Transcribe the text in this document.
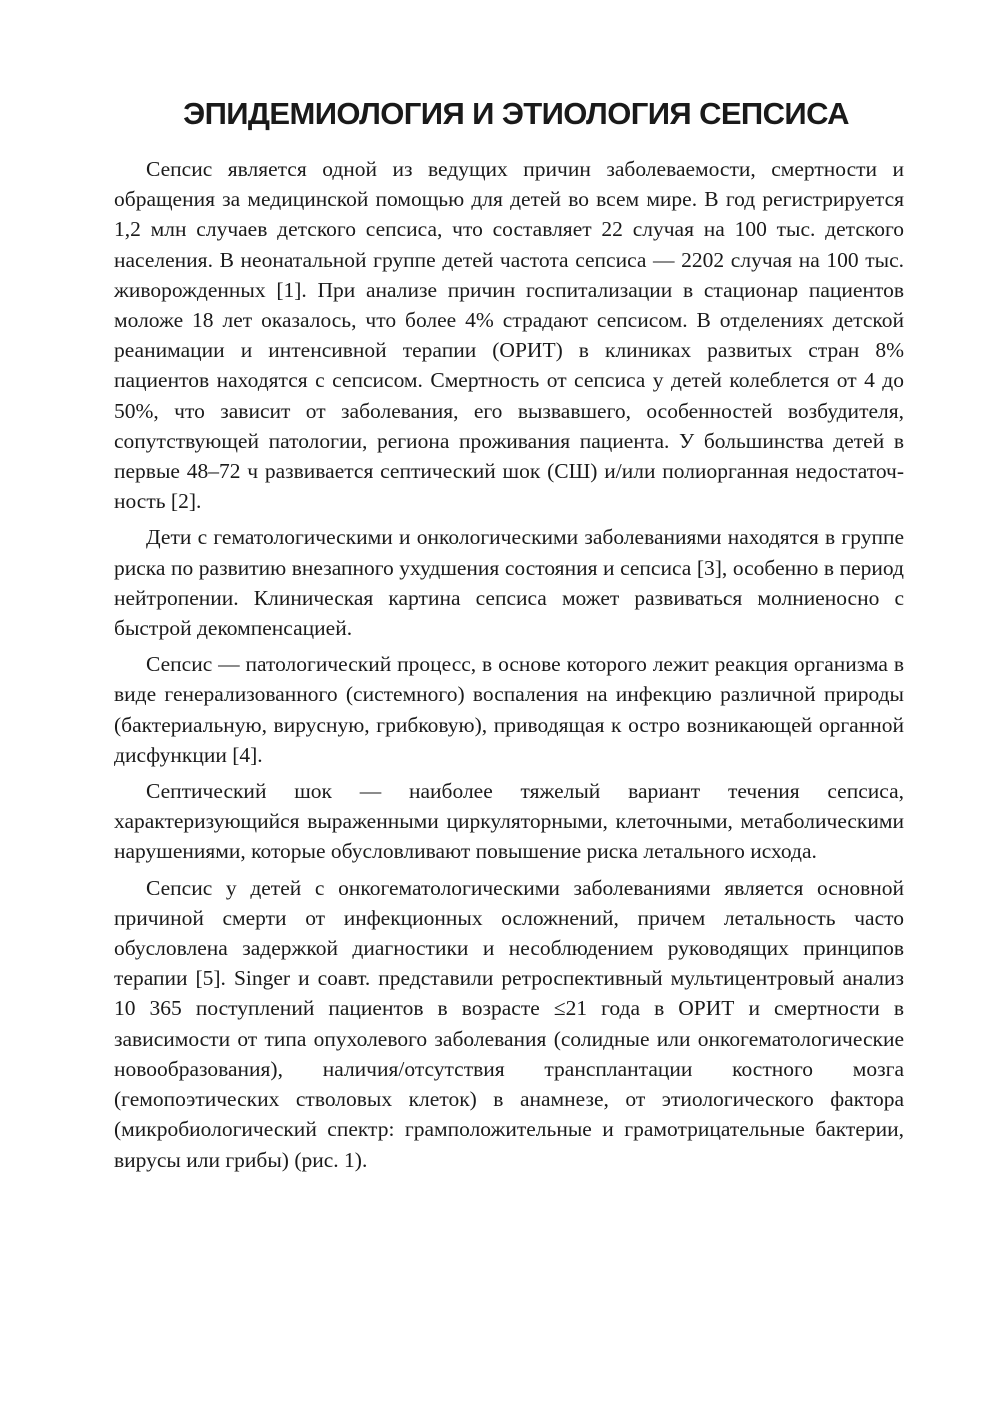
ЭПИДЕМИОЛОГИЯ И ЭТИОЛОГИЯ СЕПСИСА

Сепсис является одной из ведущих причин заболеваемости, смертности и обращения за медицинской помощью для детей во всем мире. В год регистрируется 1,2 млн случаев детского сепсиса, что составляет 22 случая на 100 тыс. детского населения. В неонатальной группе детей частота сепсиса — 2202 случая на 100 тыс. живорожденных [1]. При анализе причин госпитализации в стационар пациентов моложе 18 лет оказалось, что более 4% страдают сепсисом. В отделениях детской реанимации и интенсивной терапии (ОРИТ) в клиниках развитых стран 8% пациентов находятся с сепсисом. Смертность от сепсиса у детей колеблется от 4 до 50%, что зависит от заболевания, его вызвавшего, особенностей возбудителя, сопутствующей патологии, региона проживания пациента. У большинства детей в первые 48–72 ч развивается септический шок (СШ) и/или полиорганная недостаточность [2].

Дети с гематологическими и онкологическими заболеваниями находятся в группе риска по развитию внезапного ухудшения состояния и сепсиса [3], особенно в период нейтропении. Клиническая картина сепсиса может развиваться молниеносно с быстрой декомпенсацией.

Сепсис — патологический процесс, в основе которого лежит реакция организма в виде генерализованного (системного) воспаления на инфекцию различной природы (бактериальную, вирусную, грибковую), приводящая к остро возникающей органной дисфункции [4].

Септический шок — наиболее тяжелый вариант течения сепсиса, характеризующийся выраженными циркуляторными, клеточными, метаболическими нарушениями, которые обусловливают повышение риска летального исхода.

Сепсис у детей с онкогематологическими заболеваниями является основной причиной смерти от инфекционных осложнений, причем летальность часто обусловлена задержкой диагностики и несоблюдением руководящих принципов терапии [5]. Singer и соавт. представили ретроспективный мультицентровый анализ 10 365 поступлений пациентов в возрасте ≤21 года в ОРИТ и смертности в зависимости от типа опухолевого заболевания (солидные или онкогематологические новообразования), наличия/отсутствия трансплантации костного мозга (гемопоэтических стволовых клеток) в анамнезе, от этиологического фактора (микробиологический спектр: грамположительные и грамотрицательные бактерии, вирусы или грибы) (рис. 1).
